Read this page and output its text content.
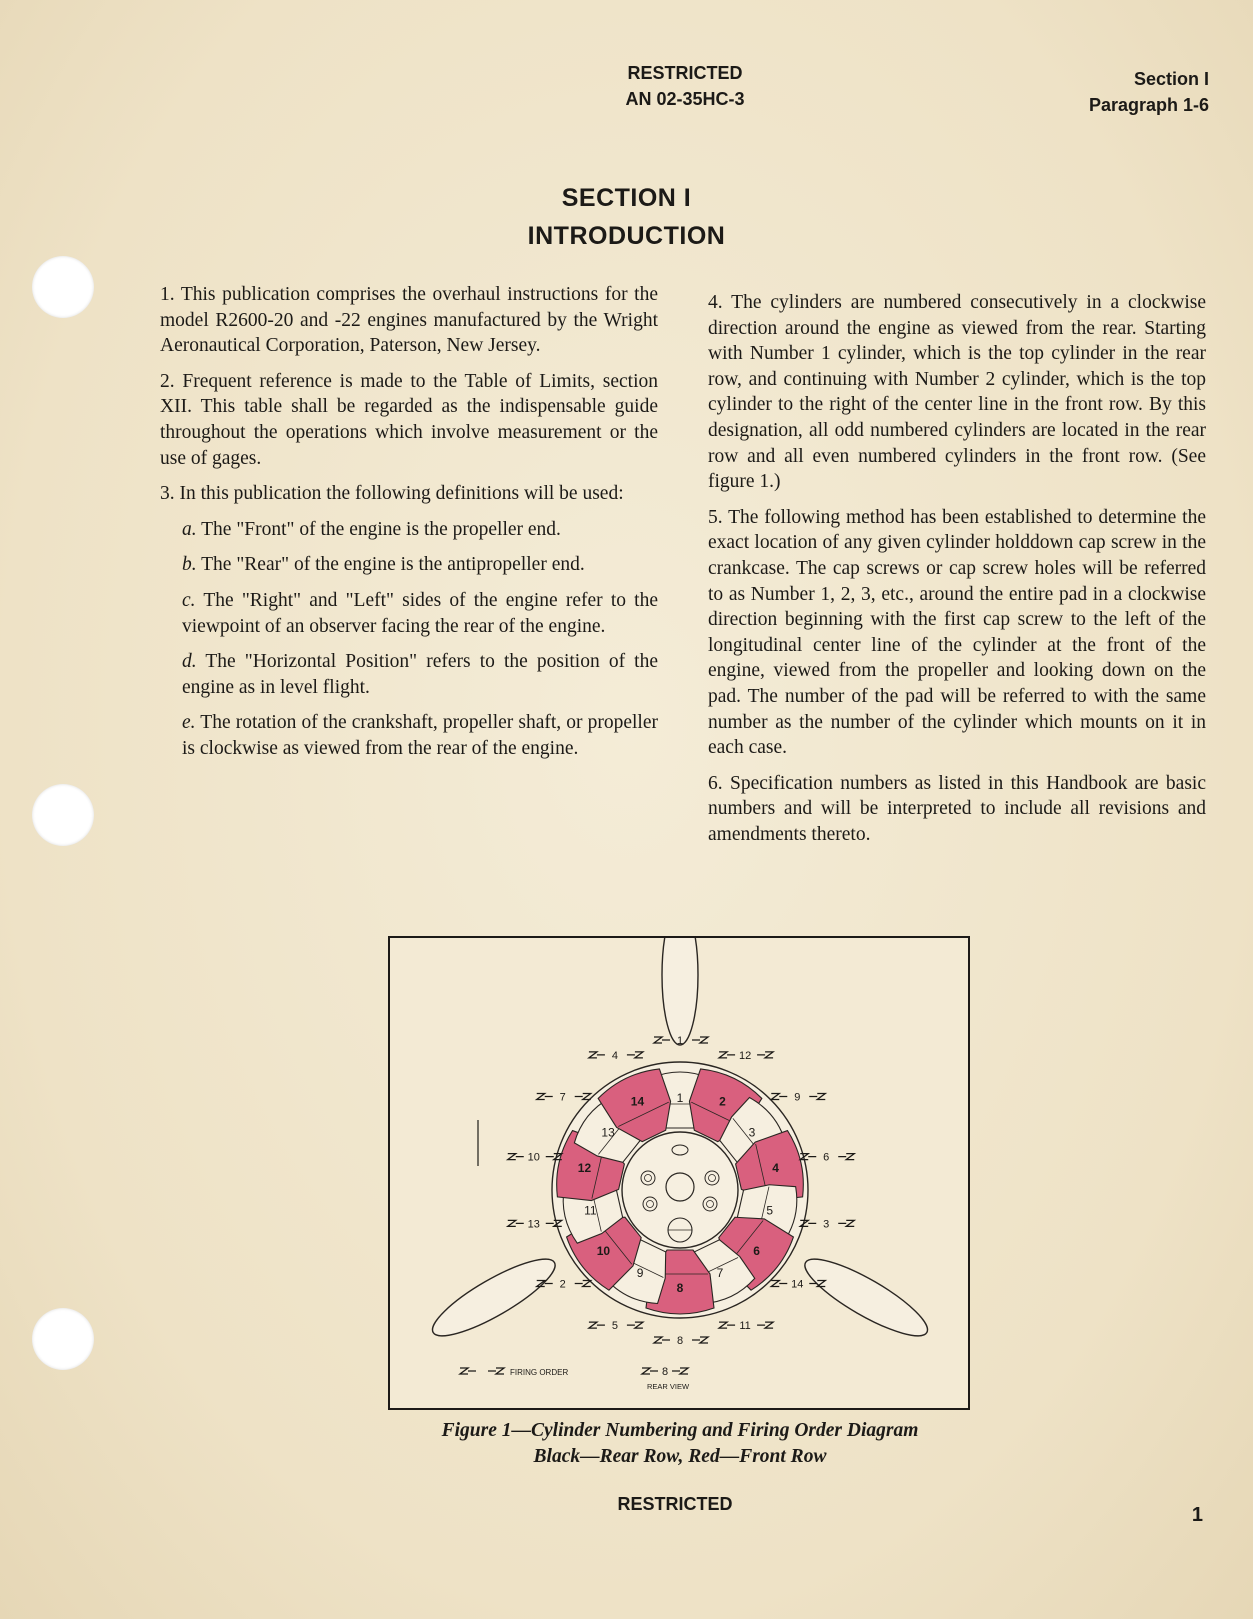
RESTRICTED
AN 02-35HC-3
Section I
Paragraph 1-6
SECTION I
INTRODUCTION

1. This publication comprises the overhaul instructions for the model R2600-20 and -22 engines manufactured by the Wright Aeronautical Corporation, Paterson, New Jersey.

2. Frequent reference is made to the Table of Limits, section XII. This table shall be regarded as the indispensable guide throughout the operations which involve measurement or the use of gages.

3. In this publication the following definitions will be used:

a. The "Front" of the engine is the propeller end.

b. The "Rear" of the engine is the antipropeller end.

c. The "Right" and "Left" sides of the engine refer to the viewpoint of an observer facing the rear of the engine.

d. The "Horizontal Position" refers to the position of the engine as in level flight.

e. The rotation of the crankshaft, propeller shaft, or propeller is clockwise as viewed from the rear of the engine.

4. The cylinders are numbered consecutively in a clockwise direction around the engine as viewed from the rear. Starting with Number 1 cylinder, which is the top cylinder in the rear row, and continuing with Number 2 cylinder, which is the top cylinder to the right of the center line in the front row. By this designation, all odd numbered cylinders are located in the rear row and all even numbered cylinders in the front row. (See figure 1.)

5. The following method has been established to determine the exact location of any given cylinder holddown cap screw in the crankcase. The cap screws or cap screw holes will be referred to as Number 1, 2, 3, etc., around the entire pad in a clockwise direction beginning with the first cap screw to the left of the longitudinal center line of the cylinder at the front of the engine, viewed from the propeller and looking down on the pad. The number of the pad will be referred to with the same number as the number of the cylinder which mounts on it in each case.

6. Specification numbers as listed in this Handbook are basic numbers and will be interpreted to include all revisions and amendments thereto.

1	2
3
4
5
6
7
8
9
10
11
12
13
14
1
12
9
6
3
14
11
8
5
2
13
10
7
4
FIRING ORDER	8
REAR VIEW
Figure 1—Cylinder Numbering and Firing Order Diagram
Black—Rear Row, Red—Front Row
RESTRICTED	1
